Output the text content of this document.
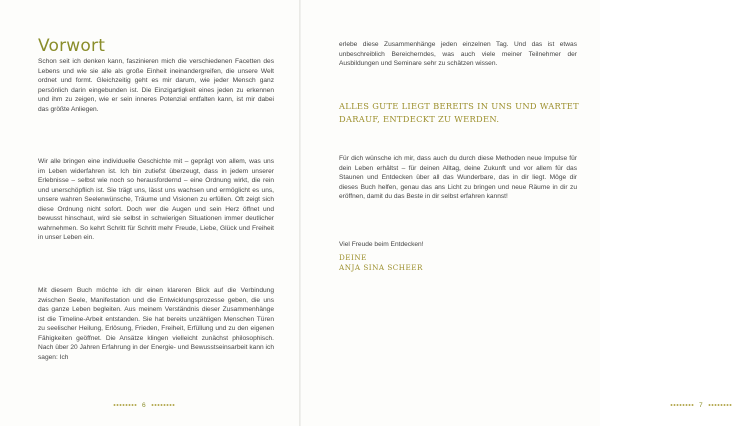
Vorwort

Schon seit ich denken kann, faszinieren mich die verschiedenen Facetten des Lebens und wie sie alle als große Einheit ineinandergreifen, die unsere Welt ordnet und formt. Gleichzeitig geht es mir darum, wie jeder Mensch ganz persönlich darin eingebunden ist. Die Einzigartigkeit eines jeden zu erkennen und ihm zu zeigen, wie er sein inneres Potenzial entfalten kann, ist mir dabei das größte Anliegen.

Wir alle bringen eine individuelle Geschichte mit – geprägt von allem, was uns im Leben widerfahren ist. Ich bin zutiefst überzeugt, dass in jedem unserer Erlebnisse – selbst wie noch so herausfordernd – eine Ordnung wirkt, die rein und unerschöpflich ist. Sie trägt uns, lässt uns wachsen und ermöglicht es uns, unsere wahren Seelenwünsche, Träume und Visionen zu erfüllen. Oft zeigt sich diese Ordnung nicht sofort. Doch wer die Augen und sein Herz öffnet und bewusst hinschaut, wird sie selbst in schwierigen Situationen immer deutlicher wahrnehmen. So kehrt Schritt für Schritt mehr Freude, Liebe, Glück und Freiheit in unser Leben ein.

Mit diesem Buch möchte ich dir einen klareren Blick auf die Verbindung zwischen Seele, Manifestation und die Entwicklungsprozesse geben, die uns das ganze Leben begleiten. Aus meinem Verständnis dieser Zusammenhänge ist die Timeline-Arbeit entstanden. Sie hat bereits unzähligen Menschen Türen zu seelischer Heilung, Erlösung, Frieden, Freiheit, Erfüllung und zu den eigenen Fähigkeiten geöffnet. Die Ansätze klingen vielleicht zunächst philosophisch. Nach über 20 Jahren Erfahrung in der Energie- und Bewusstseinsarbeit kann ich sagen: Ich

6

erlebe diese Zusammenhänge jeden einzelnen Tag. Und das ist etwas unbeschreiblich Bereicherndes, was auch viele meiner Teilnehmer der Ausbildungen und Seminare sehr zu schätzen wissen.

ALLES GUTE LIEGT BEREITS IN UNS UND WARTET DARAUF, ENTDECKT ZU WERDEN.

Für dich wünsche ich mir, dass auch du durch diese Methoden neue Impulse für dein Leben erhältst – für deinen Alltag, deine Zukunft und vor allem für das Staunen und Entdecken über all das Wunderbare, das in dir liegt. Möge dir dieses Buch helfen, genau das ans Licht zu bringen und neue Räume in dir zu eröffnen, damit du das Beste in dir selbst erfahren kannst!

Viel Freude beim Entdecken!

DEINE
ANJA SINA SCHEER
7
